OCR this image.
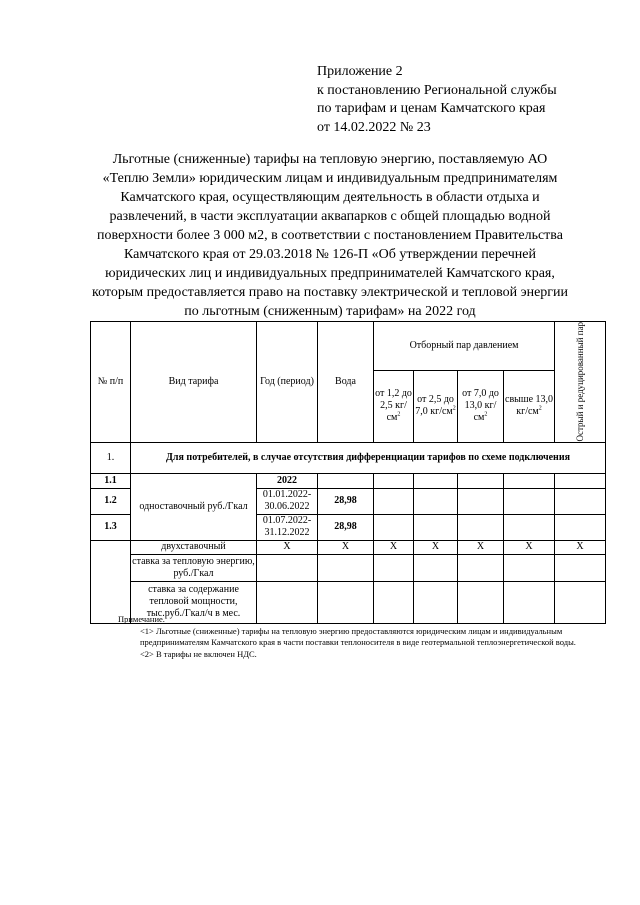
Приложение 2
к постановлению Региональной службы
по тарифам и ценам Камчатского края
от 14.02.2022 № 23
Льготные (сниженные) тарифы на тепловую энергию, поставляемую АО
«Теплю Земли» юридическим лицам и индивидуальным предпринимателям
Камчатского края, осуществляющим деятельность в области отдыха и
развлечений, в части эксплуатации аквапарков с общей площадью водной
поверхности более 3 000 м2, в соответствии с постановлением Правительства
Камчатского края от 29.03.2018 № 126-П «Об утверждении перечней
юридических лиц и индивидуальных предпринимателей Камчатского края,
которым предоставляется право на поставку электрической и тепловой энергии
по льготным (сниженным) тарифам» на 2022 год
№ п/п	Вид тарифа	Год (период)	Вода	Отборный пар давлением				Острый и редуцированный пар

				от 1,2 до 2,5 $кг/см^2$	от 2,5 до 7,0 $кг/см^2$	от 7,0 до 13,0 $кг/см^2$	свыше 13,0 $кг/см^2$
1.	Для потребителей, в случае отсутствия дифференциации тарифов по схеме подключения							
1.1	одноставочный руб./Гкал	2022						
1.2		01.01.2022-30.06.2022	28,98					
1.3		01.07.2022-31.12.2022	28,98					
	двухставочный	X	X	X	X	X	X	X
	ставка за тепловую энергию, руб./Гкал							
	ставка за содержание тепловой мощности, тыс.руб./Гкал/ч в мес.							
Примечание.
<1> Льготные (сниженные) тарифы на тепловую энергию предоставляются юридическим лицам и индивидуальным предпринимателям Камчатского края в части поставки теплоносителя в виде геотермальной теплоэнергетической воды.
<2> В тарифы не включен НДС.
